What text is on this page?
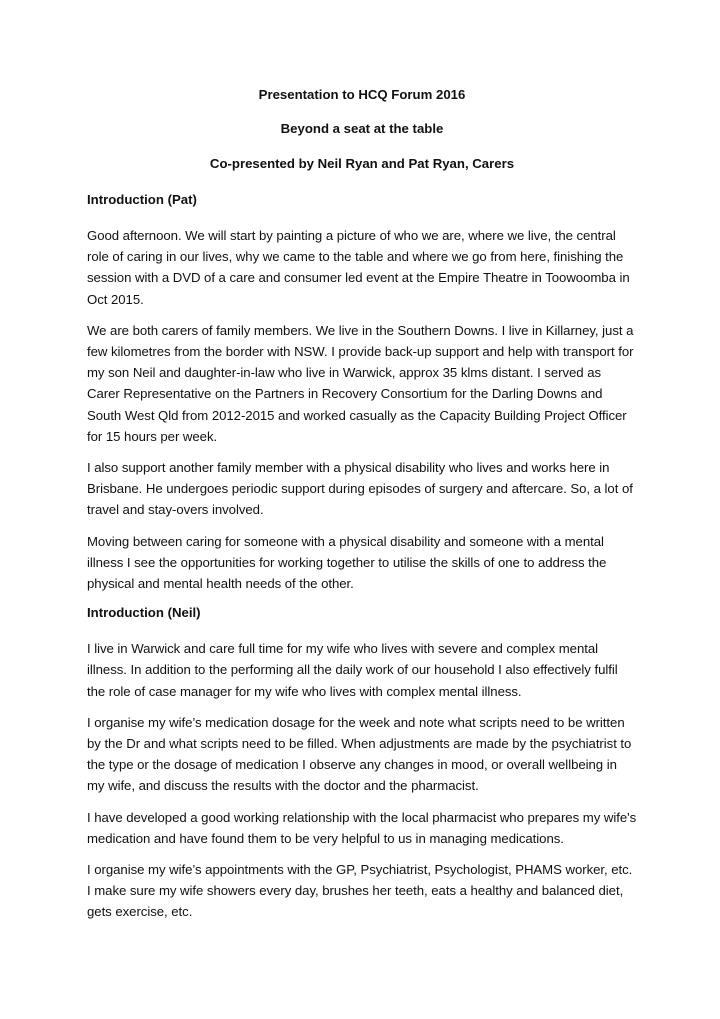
Presentation to HCQ Forum 2016
Beyond a seat at the table
Co-presented by Neil Ryan and Pat Ryan, Carers
Introduction (Pat)

Good afternoon. We will start by painting a picture of who we are, where we live, the central role of caring in our lives, why we came to the table and where we go from here, finishing the session with a DVD of a care and consumer led event at the Empire Theatre in Toowoomba in Oct 2015.

We are both carers of family members. We live in the Southern Downs. I live in Killarney, just a few kilometres from the border with NSW. I provide back-up support and help with transport for my son Neil and daughter-in-law who live in Warwick, approx 35 klms distant. I served as Carer Representative on the Partners in Recovery Consortium for the Darling Downs and South West Qld from 2012-2015 and worked casually as the Capacity Building Project Officer for 15 hours per week.

I also support another family member with a physical disability who lives and works here in Brisbane. He undergoes periodic support during episodes of surgery and aftercare. So, a lot of travel and stay-overs involved.

Moving between caring for someone with a physical disability and someone with a mental illness I see the opportunities for working together to utilise the skills of one to address the physical and mental health needs of the other.

Introduction (Neil)

I live in Warwick and care full time for my wife who lives with severe and complex mental illness. In addition to the performing all the daily work of our household I also effectively fulfil the role of case manager for my wife who lives with complex mental illness.

I organise my wife’s medication dosage for the week and note what scripts need to be written by the Dr and what scripts need to be filled. When adjustments are made by the psychiatrist to the type or the dosage of medication I observe any changes in mood, or overall wellbeing in my wife, and discuss the results with the doctor and the pharmacist.

I have developed a good working relationship with the local pharmacist who prepares my wife's medication and have found them to be very helpful to us in managing medications.

I organise my wife’s appointments with the GP, Psychiatrist, Psychologist, PHAMS worker, etc. I make sure my wife showers every day, brushes her teeth, eats a healthy and balanced diet, gets exercise, etc.
